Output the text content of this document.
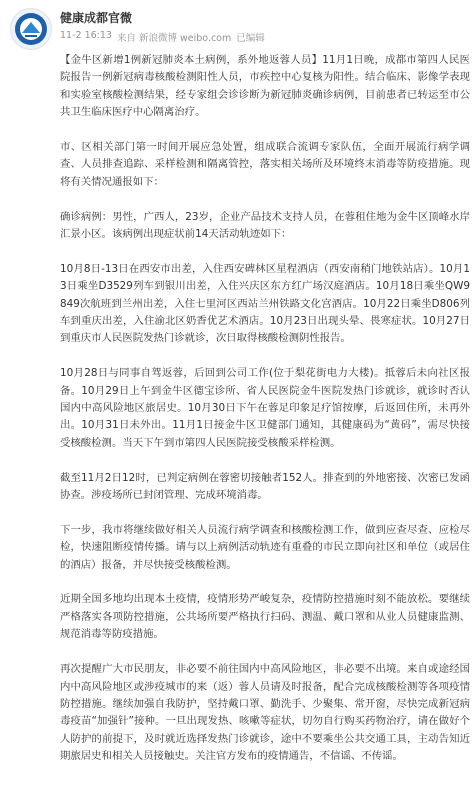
健康成都官微
11-2 16:13 来自 新浪微博 weibo.com 已编辑

【金牛区新增1例新冠肺炎本土病例，系外地返蓉人员】11月1日晚，成都市第四人民医院报告一例新冠病毒核酸检测阳性人员，市疾控中心复核为阳性。结合临床、影像学表现和实验室核酸检测结果，经专家组会诊诊断为新冠肺炎确诊病例，目前患者已转运至市公共卫生临床医疗中心隔离治疗。

市、区相关部门第一时间开展应急处置，组成联合流调专家队伍，全面开展流行病学调查、人员排查追踪、采样检测和隔离管控，落实相关场所及环境终末消毒等防疫措施。现将有关情况通报如下：

确诊病例：男性，广西人，23岁，企业产品技术支持人员，在蓉租住地为金牛区顶峰水岸汇景小区。该病例出现症状前14天活动轨迹如下：

10月8日-13日在西安市出差，入住西安碑林区星程酒店（西安南稍门地铁站店）。10月13日乘坐D3529列车到银川出差，入住兴庆区东方红广场汉庭酒店。10月18日乘坐QW9849次航班到兰州出差，入住七里河区西站兰州铁路文化宫酒店。10月22日乘坐D806列车到重庆出差，入住渝北区奶香优艺术酒店。10月23日出现头晕、畏寒症状。10月27日到重庆市人民医院发热门诊就诊，次日取得核酸检测阴性报告。

10月28日与同事自驾返蓉，后回到公司工作(位于梨花街电力大楼)。抵蓉后未向社区报备。10月29日上午到金牛区德宝诊所、省人民医院金牛医院发热门诊就诊，就诊时否认国内中高风险地区旅居史。10月30日下午在蓉足印象足疗馆按摩，后返回住所，未再外出。10月31日未外出。11月1日接金牛区卫健部门通知，其健康码为“黄码”，需尽快接受核酸检测。当天下午到市第四人民医院接受核酸采样检测。

截至11月2日12时，已判定病例在蓉密切接触者152人。排查到的外地密接、次密已发函协查。涉疫场所已封闭管理、完成环境消毒。

下一步，我市将继续做好相关人员流行病学调查和核酸检测工作，做到应查尽查、应检尽检，快速阻断疫情传播。请与以上病例活动轨迹有重叠的市民立即向社区和单位（或居住的酒店）报备，并尽快接受核酸检测。

近期全国多地均出现本土疫情，疫情形势严峻复杂，疫情防控措施时刻不能放松。要继续严格落实各项防控措施，公共场所要严格执行扫码、测温、戴口罩和从业人员健康监测、规范消毒等防疫措施。

再次提醒广大市民朋友，非必要不前往国内中高风险地区，非必要不出境。来自或途经国内中高风险地区或涉疫城市的来（返）蓉人员请及时报备，配合完成核酸检测等各项疫情防控措施。继续加强自我防护，坚持戴口罩、勤洗手、少聚集、常开窗，尽快完成新冠病毒疫苗“加强针”接种。一旦出现发热、咳嗽等症状，切勿自行购买药物治疗，请在做好个人防护的前提下，及时就近选择发热门诊就诊，途中不要乘坐公共交通工具，主动告知近期旅居史和相关人员接触史。关注官方发布的疫情通告，不信谣、不传谣。
